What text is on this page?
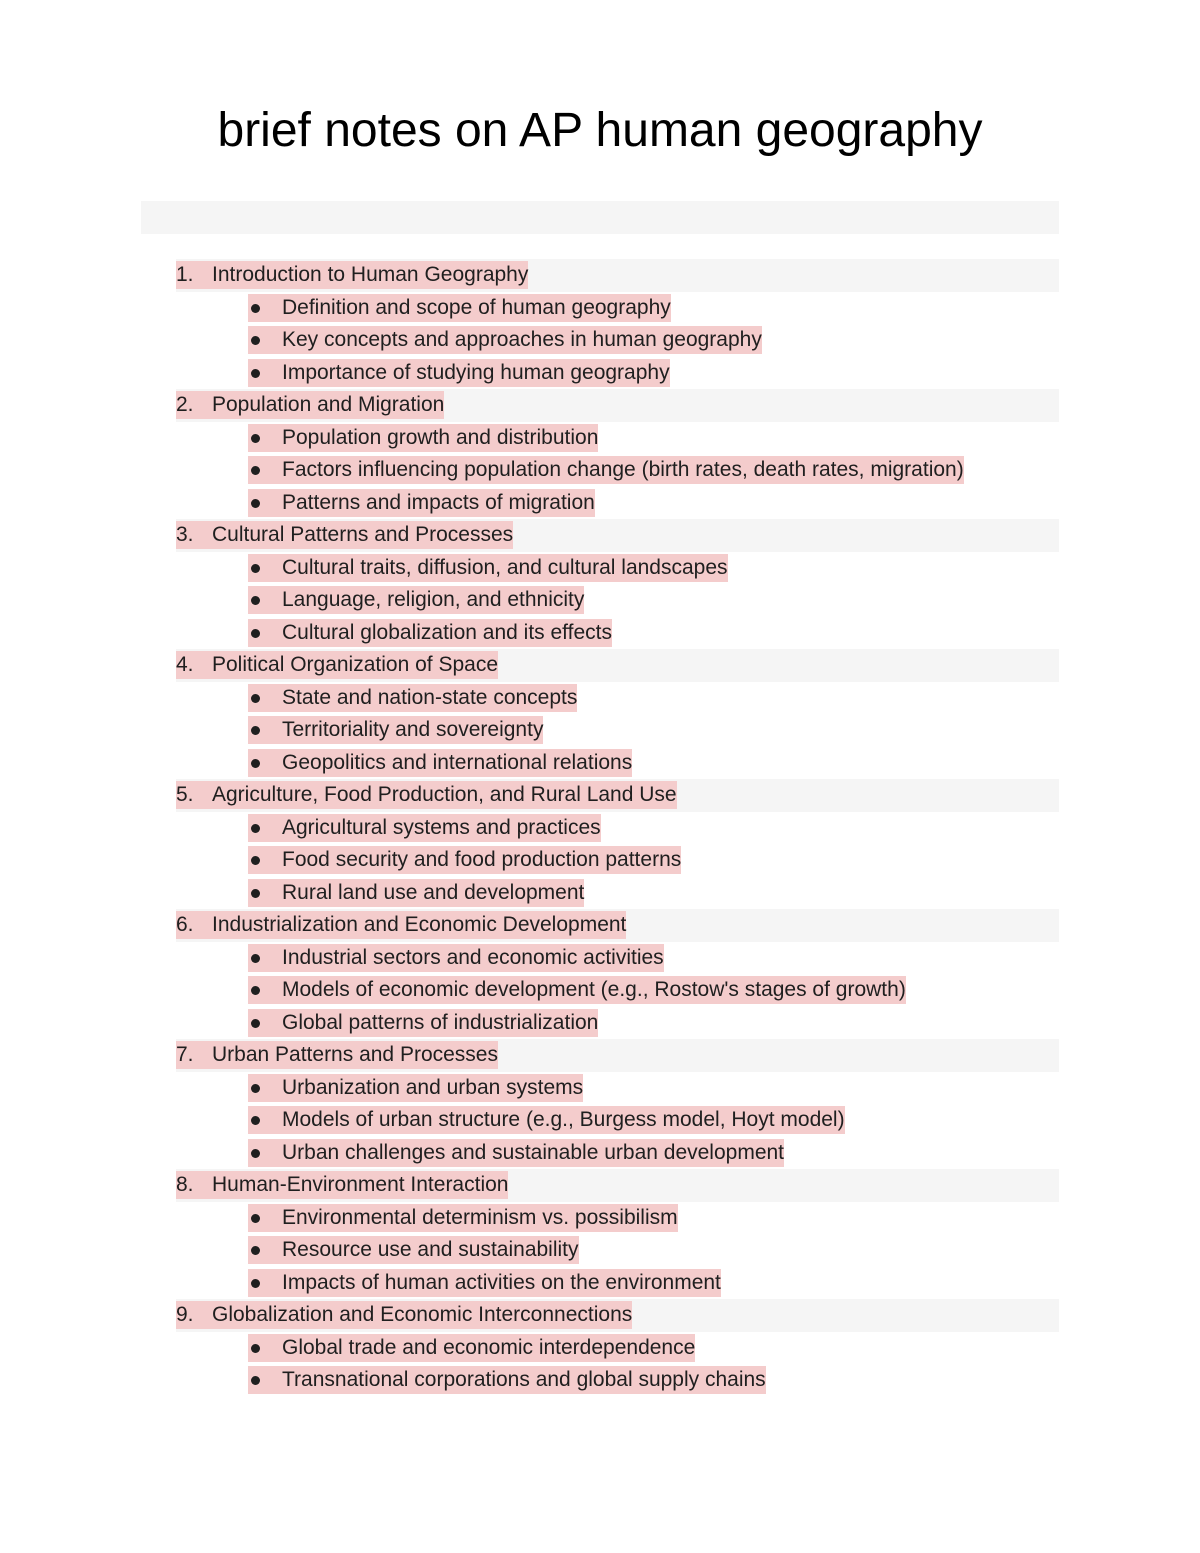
brief notes on AP human geography
1. Introduction to Human Geography
Definition and scope of human geography
Key concepts and approaches in human geography
Importance of studying human geography
2. Population and Migration
Population growth and distribution
Factors influencing population change (birth rates, death rates, migration)
Patterns and impacts of migration
3. Cultural Patterns and Processes
Cultural traits, diffusion, and cultural landscapes
Language, religion, and ethnicity
Cultural globalization and its effects
4. Political Organization of Space
State and nation-state concepts
Territoriality and sovereignty
Geopolitics and international relations
5. Agriculture, Food Production, and Rural Land Use
Agricultural systems and practices
Food security and food production patterns
Rural land use and development
6. Industrialization and Economic Development
Industrial sectors and economic activities
Models of economic development (e.g., Rostow's stages of growth)
Global patterns of industrialization
7. Urban Patterns and Processes
Urbanization and urban systems
Models of urban structure (e.g., Burgess model, Hoyt model)
Urban challenges and sustainable urban development
8. Human-Environment Interaction
Environmental determinism vs. possibilism
Resource use and sustainability
Impacts of human activities on the environment
9. Globalization and Economic Interconnections
Global trade and economic interdependence
Transnational corporations and global supply chains
